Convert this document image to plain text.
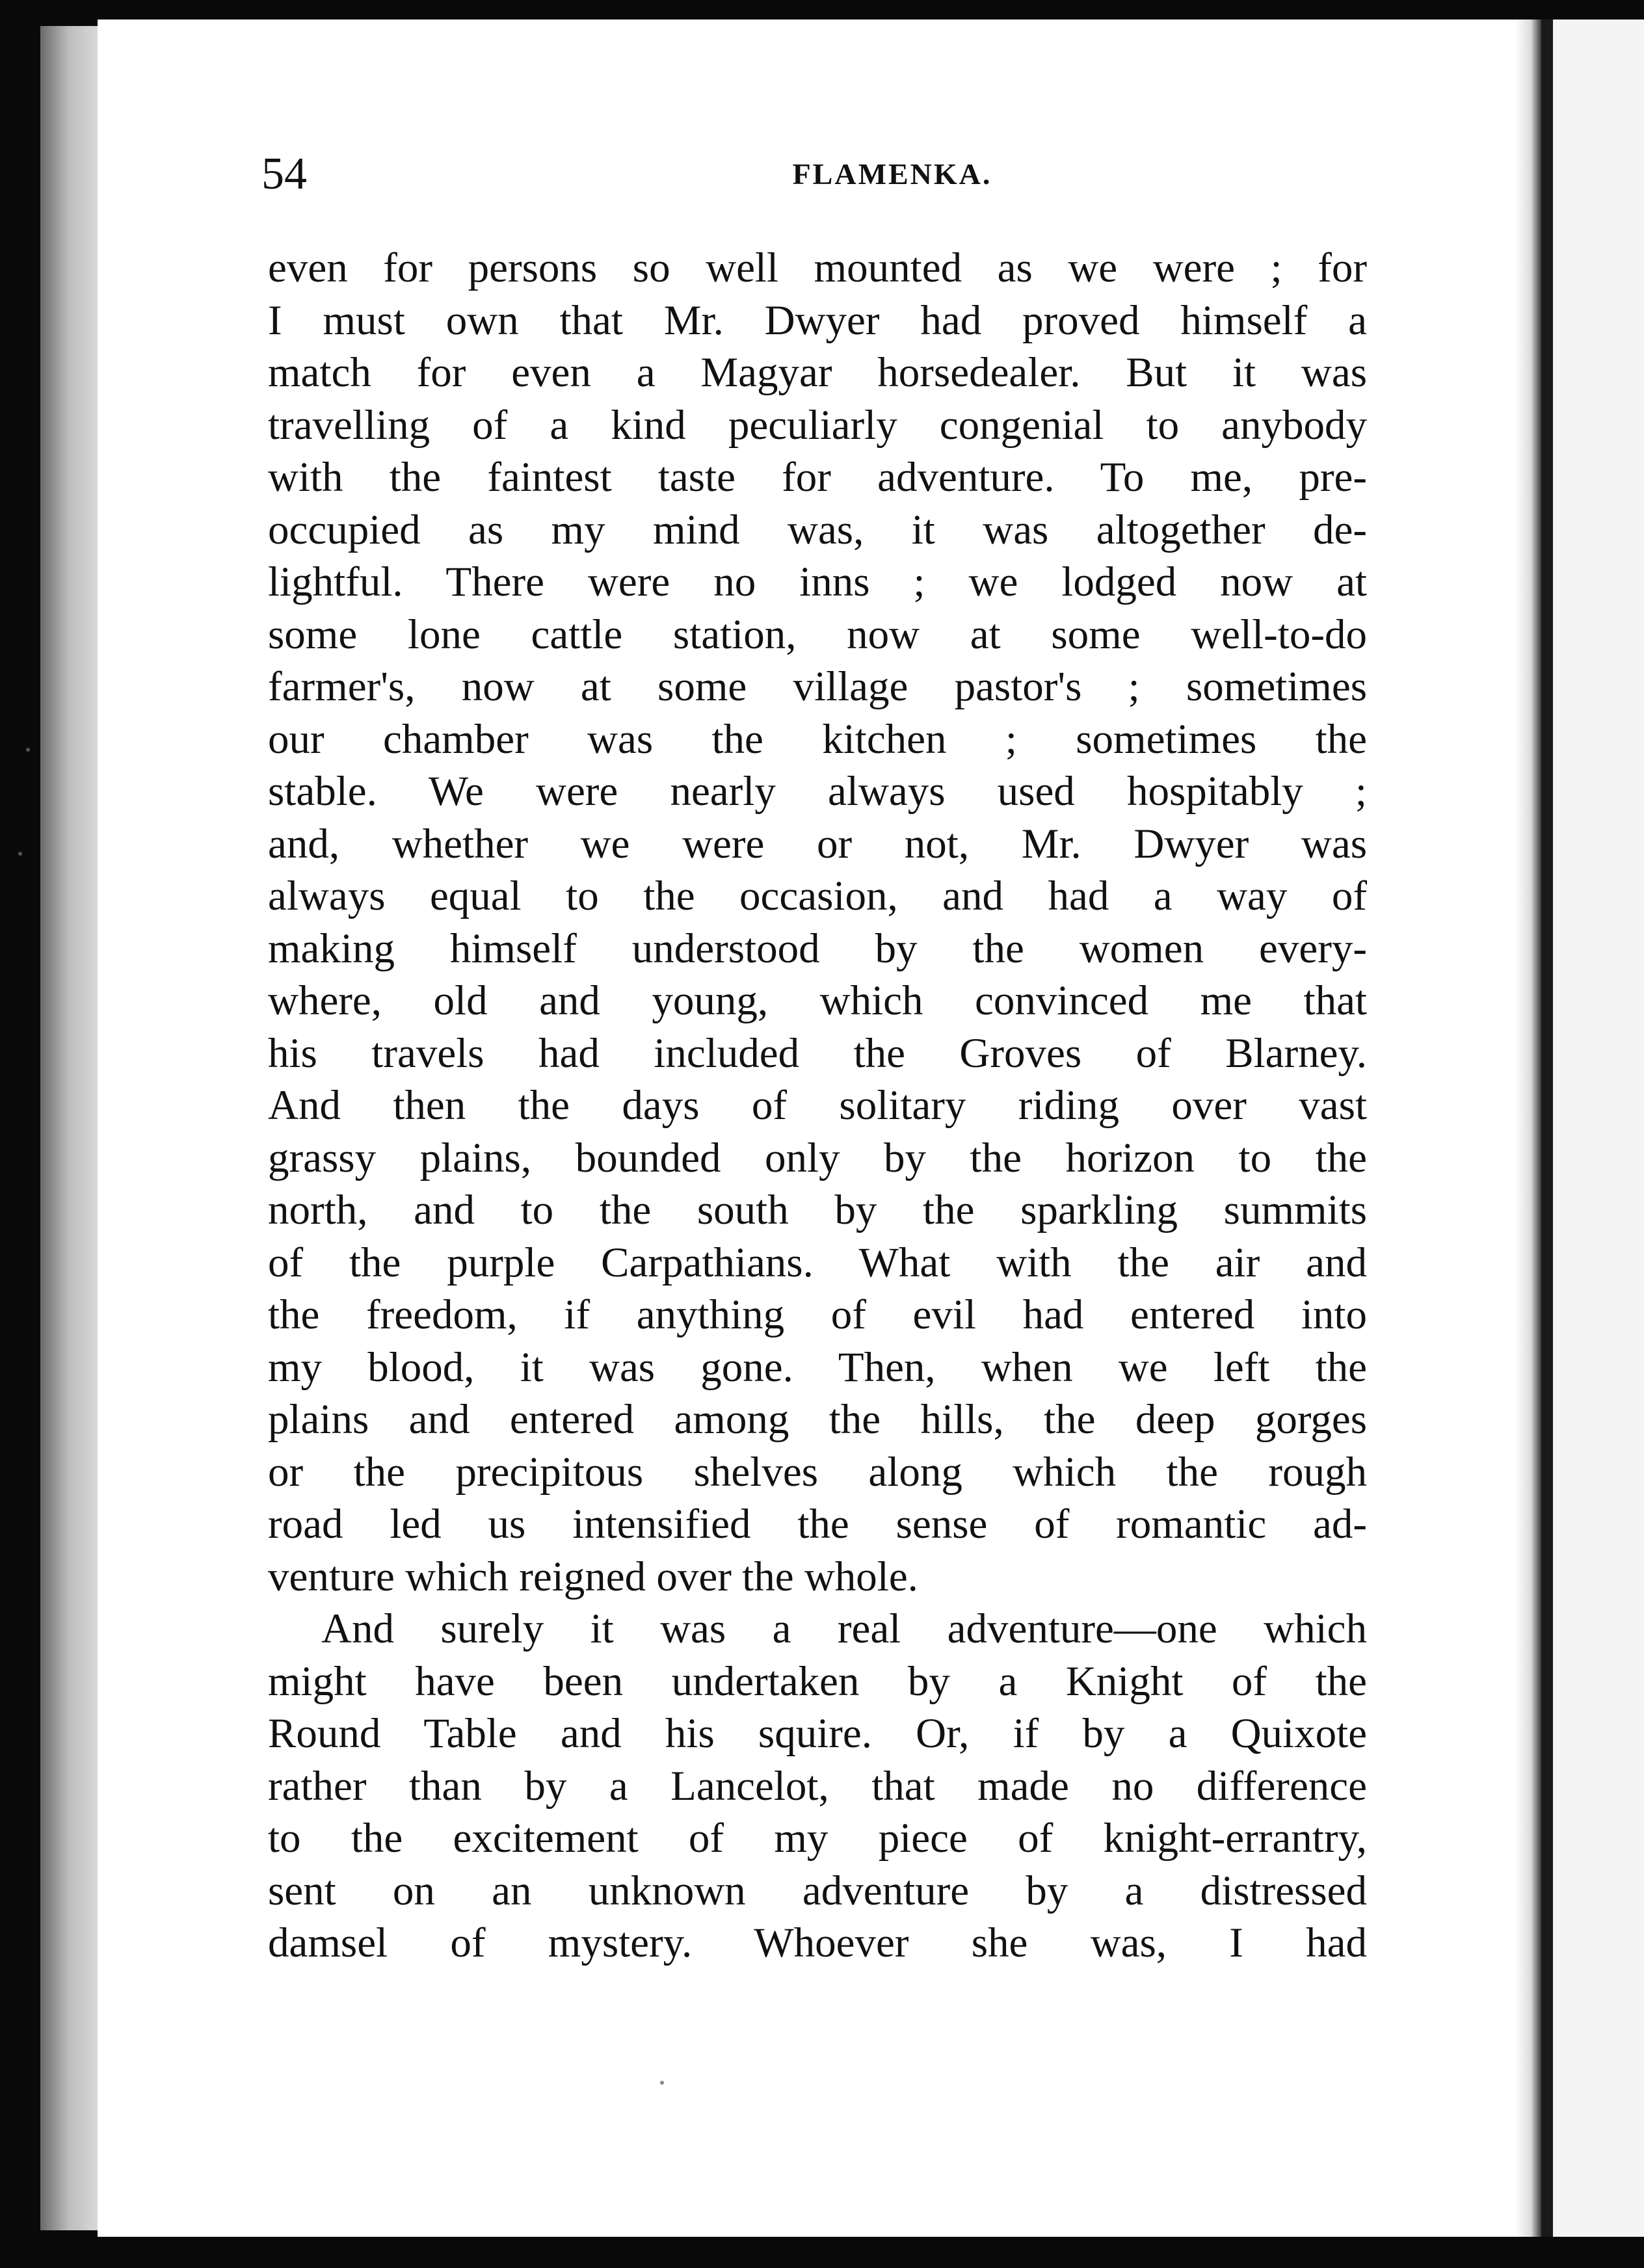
54	FLAMENKA.
even for persons so well mounted as we were ; for
I must own that Mr. Dwyer had proved himself a
match for even a Magyar horsedealer. But it was
travelling of a kind peculiarly congenial to anybody
with the faintest taste for adventure. To me, pre-
occupied as my mind was, it was altogether de-
lightful. There were no inns ; we lodged now at
some lone cattle station, now at some well-to-do
farmer's, now at some village pastor's ; sometimes
our chamber was the kitchen ; sometimes the
stable. We were nearly always used hospitably ;
and, whether we were or not, Mr. Dwyer was
always equal to the occasion, and had a way of
making himself understood by the women every-
where, old and young, which convinced me that
his travels had included the Groves of Blarney.
And then the days of solitary riding over vast
grassy plains, bounded only by the horizon to the
north, and to the south by the sparkling summits
of the purple Carpathians. What with the air and
the freedom, if anything of evil had entered into
my blood, it was gone. Then, when we left the
plains and entered among the hills, the deep gorges
or the precipitous shelves along which the rough
road led us intensified the sense of romantic ad-
venture which reigned over the whole.
And surely it was a real adventure—one which
might have been undertaken by a Knight of the
Round Table and his squire. Or, if by a Quixote
rather than by a Lancelot, that made no difference
to the excitement of my piece of knight-errantry,
sent on an unknown adventure by a distressed
damsel of mystery. Whoever she was, I had
